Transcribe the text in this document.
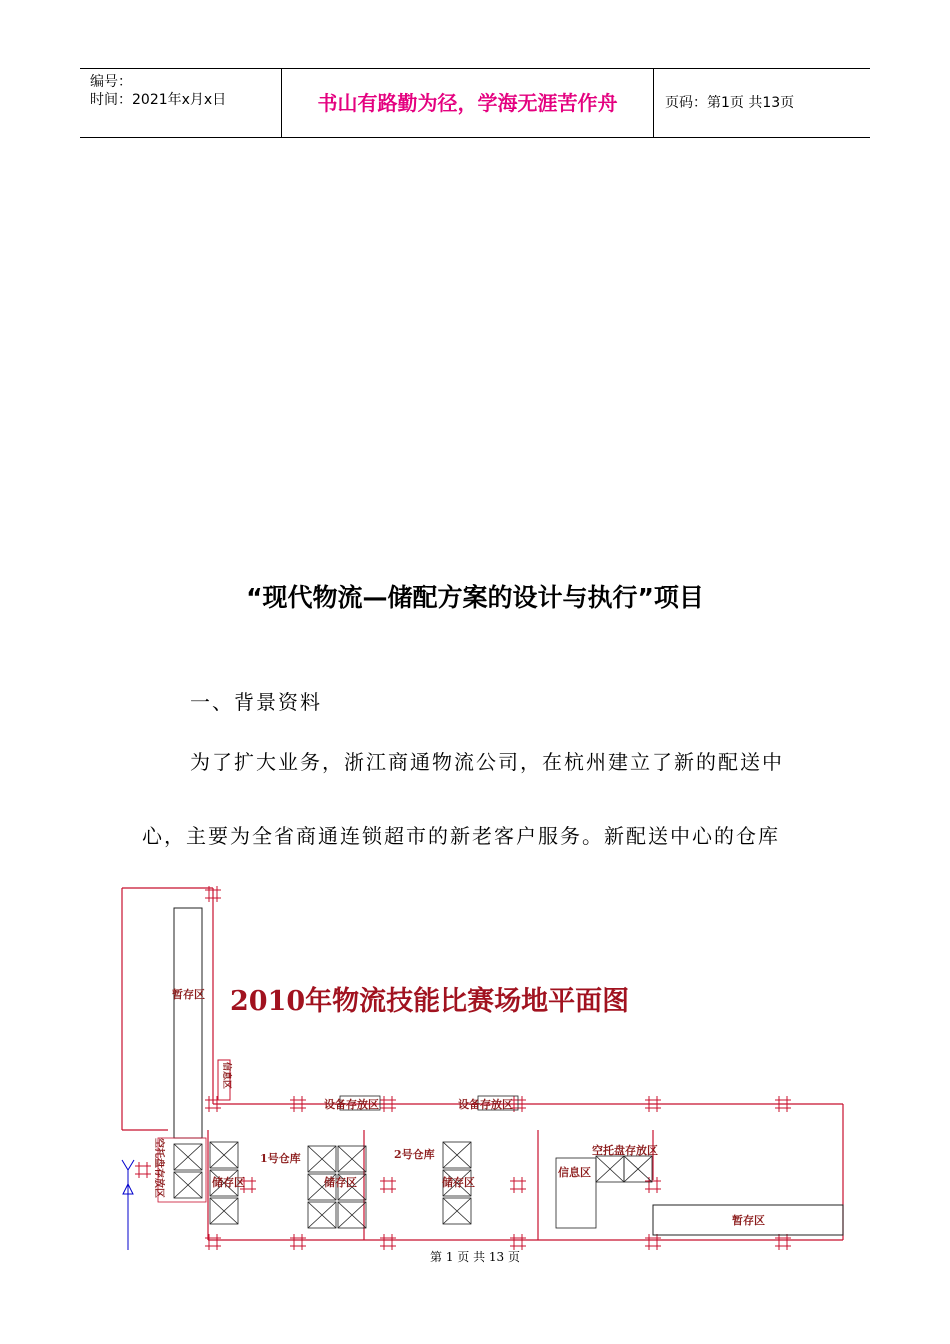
编号：
时间：2021年x月x日	书山有路勤为径，学海无涯苦作舟	页码：第1页 共13页
“现代物流—储配方案的设计与执行”项目
一、背景资料
为了扩大业务，浙江商通物流公司，在杭州建立了新的配送中
心，主要为全省商通连锁超市的新老客户服务。新配送中心的仓库
2010年物流技能比赛场地平面图
暂存区
信息区
设备存放区	设备存放区
空托盘存放区	1号仓库	2号仓库
储存区	储存区	储存区
空托盘存放区
信息区
暂存区
第 1 页 共 13 页
